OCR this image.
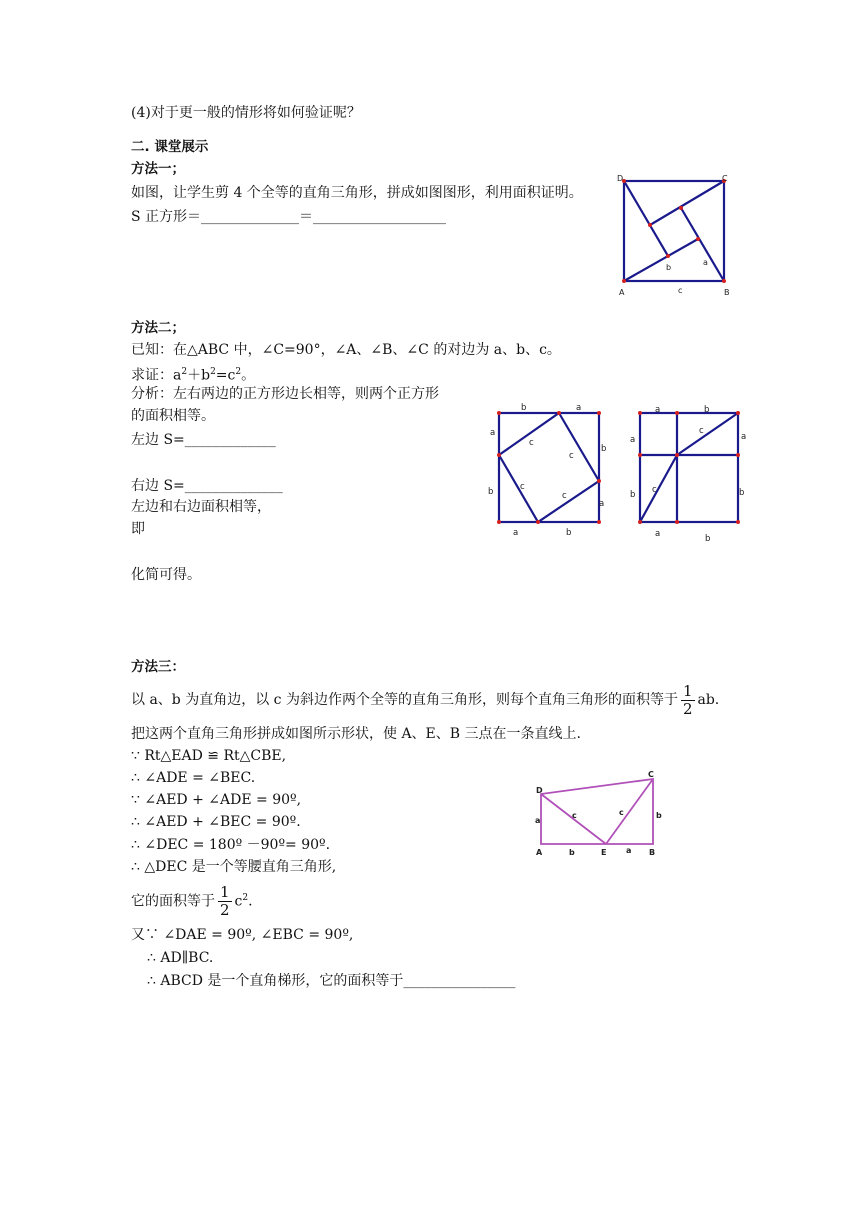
(4)对于更一般的情形将如何验证呢？
二. 课堂展示
方法一；
如图，让学生剪 4 个全等的直角三角形，拼成如图图形，利用面积证明。
S 正方形＝______________＝___________________
D	C
A	B
c
b
a
方法二；
已知：在△ABC 中，∠C=90°，∠A、∠B、∠C 的对边为 a、b、c。
求证：$a^2+b^2=c^2$。
分析：左右两边的正方形边长相等，则两个正方形
的面积相等。
左边 S=_____________
右边 S=______________
左边和右边面积相等，
即
化简可得。
b	a
a
b
c
c
c
c
b
a
a	b
a	b
a	a
c
c
b	b
a	b
方法三：
以 a、b 为直角边，以 c 为斜边作两个全等的直角三角形，则每个直角三角形的面积等于 $\frac{1}{2}$ ab.
把这两个直角三角形拼成如图所示形状，使 A、E、B 三点在一条直线上.
∵ Rt△EAD ≌ Rt△CBE,
∴ ∠ADE = ∠BEC.
∵ ∠AED + ∠ADE = 90º,
∴ ∠AED + ∠BEC = 90º.
∴ ∠DEC = 180º －90º= 90º.
∴ △DEC 是一个等腰直角三角形,
它的面积等于 $\frac{1}{2} c^2$.
又∵ ∠DAE = 90º, ∠EBC = 90º,
∴ AD∥BC.
∴ ABCD 是一个直角梯形，它的面积等于________________
D
C
A	E	B
a
b
c	c
b	a
